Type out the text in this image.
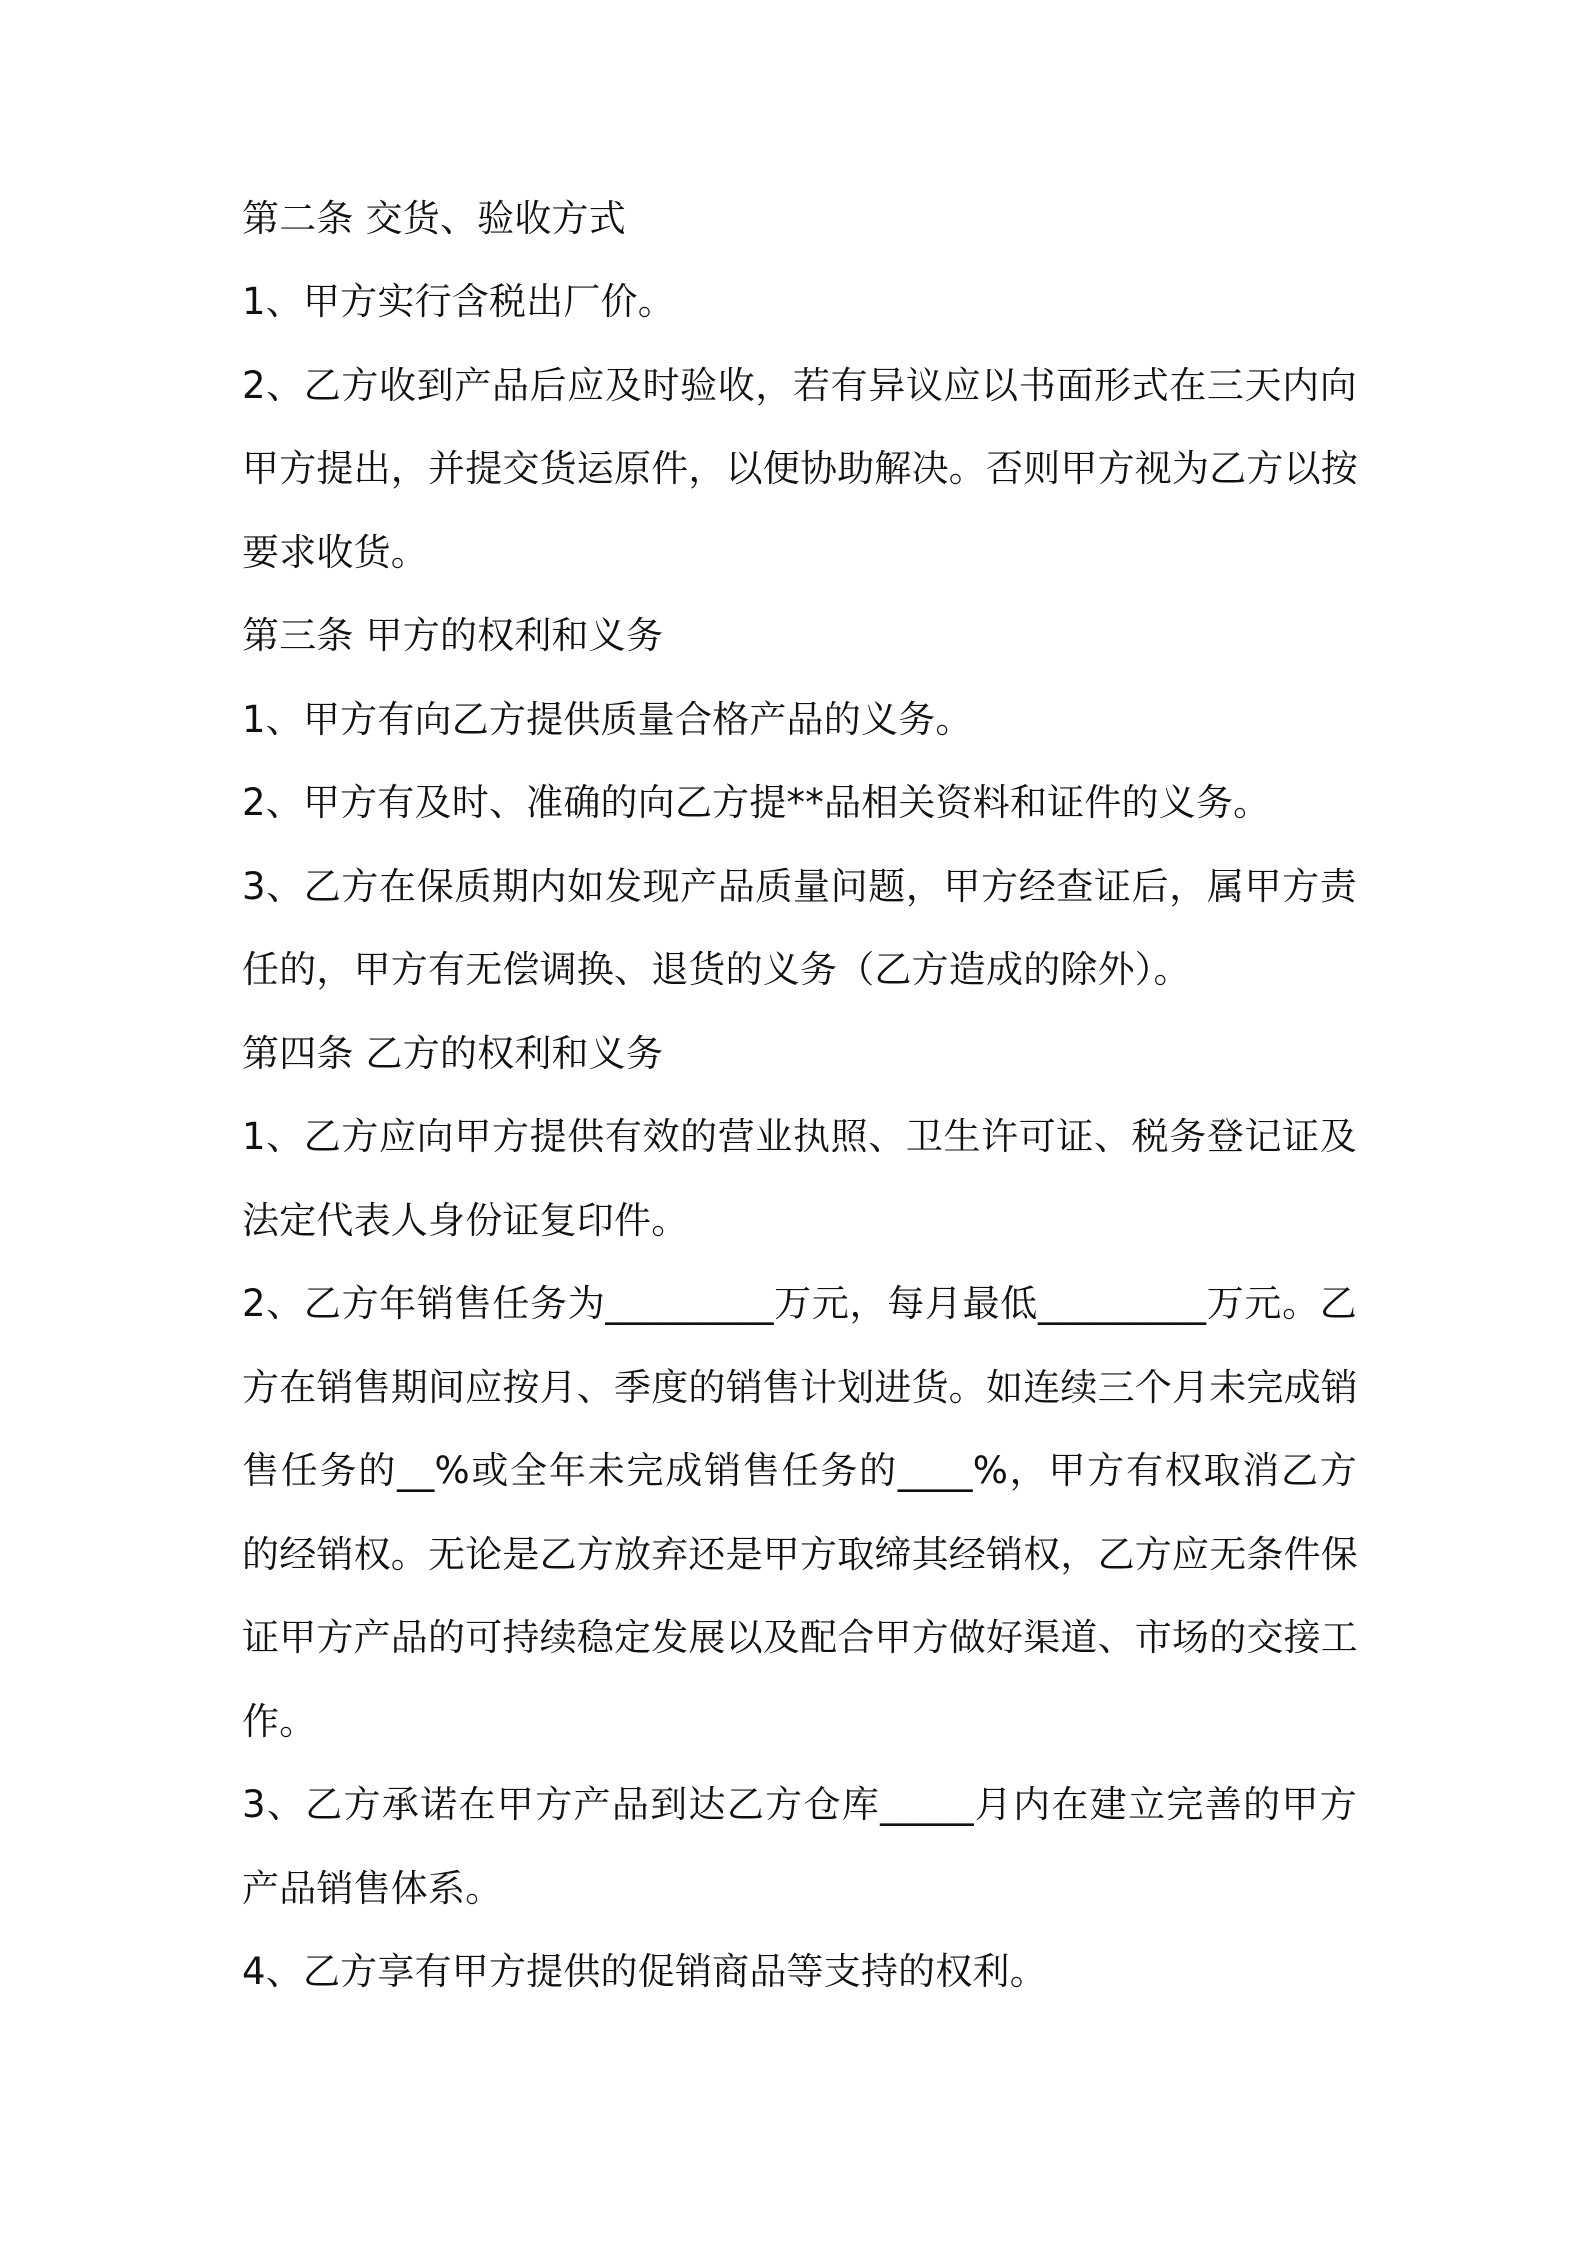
第二条 交货、验收方式
1、甲方实行含税出厂价。
2、乙方收到产品后应及时验收，若有异议应以书面形式在三天内向
甲方提出，并提交货运原件，以便协助解决。否则甲方视为乙方以按
要求收货。
第三条 甲方的权利和义务
1、甲方有向乙方提供质量合格产品的义务。
2、甲方有及时、准确的向乙方提**品相关资料和证件的义务。
3、乙方在保质期内如发现产品质量问题，甲方经查证后，属甲方责
任的，甲方有无偿调换、退货的义务（乙方造成的除外）。
第四条 乙方的权利和义务
1、乙方应向甲方提供有效的营业执照、卫生许可证、税务登记证及
法定代表人身份证复印件。
2、乙方年销售任务为_________万元，每月最低_________万元。乙
方在销售期间应按月、季度的销售计划进货。如连续三个月未完成销
售任务的__%或全年未完成销售任务的____%，甲方有权取消乙方
的经销权。无论是乙方放弃还是甲方取缔其经销权，乙方应无条件保
证甲方产品的可持续稳定发展以及配合甲方做好渠道、市场的交接工
作。
3、乙方承诺在甲方产品到达乙方仓库_____月内在建立完善的甲方
产品销售体系。
4、乙方享有甲方提供的促销商品等支持的权利。
